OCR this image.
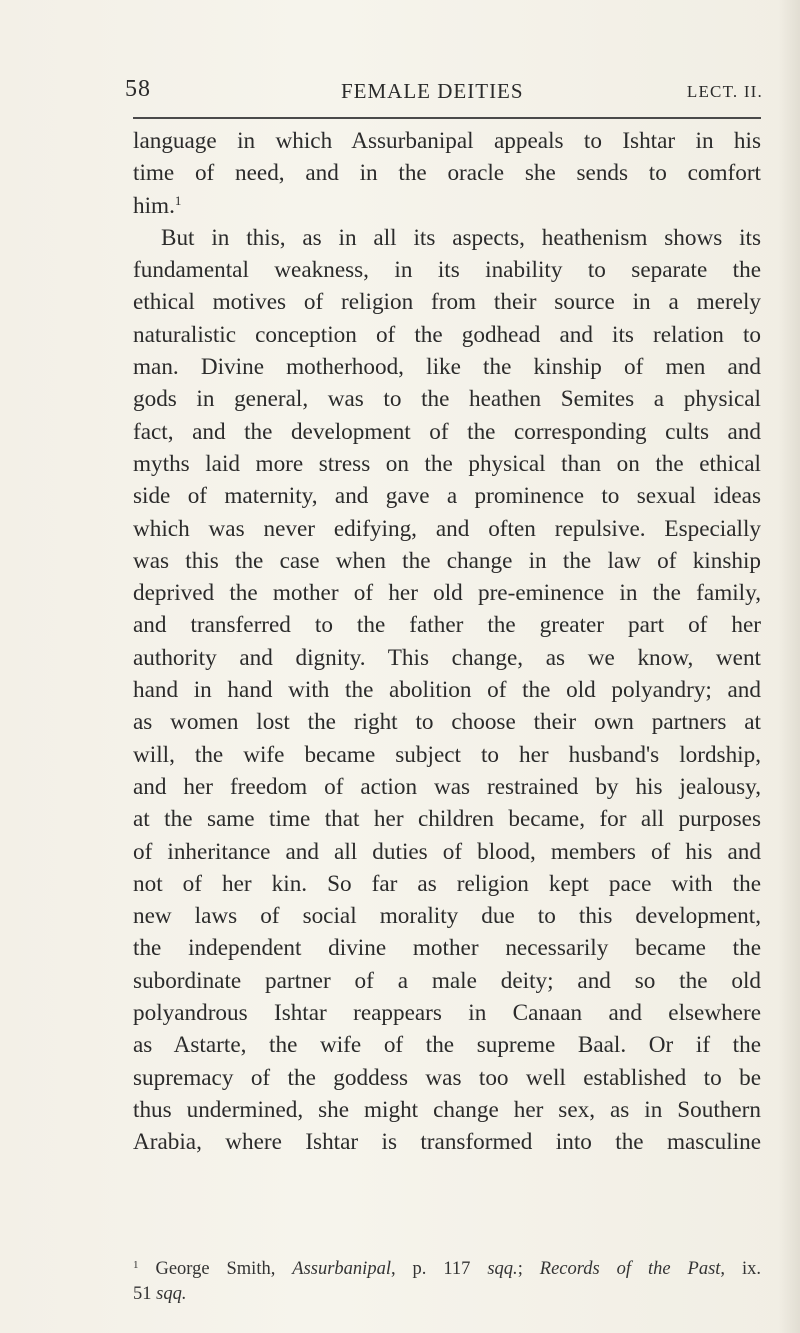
58	FEMALE DEITIES	LECT. II.
language in which Assurbanipal appeals to Ishtar in his
time of need, and in the oracle she sends to comfort
him.$^1$
But in this, as in all its aspects, heathenism shows its
fundamental weakness, in its inability to separate the
ethical motives of religion from their source in a merely
naturalistic conception of the godhead and its relation to
man. Divine motherhood, like the kinship of men and
gods in general, was to the heathen Semites a physical
fact, and the development of the corresponding cults and
myths laid more stress on the physical than on the ethical
side of maternity, and gave a prominence to sexual ideas
which was never edifying, and often repulsive. Especially
was this the case when the change in the law of kinship
deprived the mother of her old pre-eminence in the family,
and transferred to the father the greater part of her
authority and dignity. This change, as we know, went
hand in hand with the abolition of the old polyandry; and
as women lost the right to choose their own partners at
will, the wife became subject to her husband's lordship,
and her freedom of action was restrained by his jealousy,
at the same time that her children became, for all purposes
of inheritance and all duties of blood, members of his and
not of her kin. So far as religion kept pace with the
new laws of social morality due to this development,
the independent divine mother necessarily became the
subordinate partner of a male deity; and so the old
polyandrous Ishtar reappears in Canaan and elsewhere
as Astarte, the wife of the supreme Baal. Or if the
supremacy of the goddess was too well established to be
thus undermined, she might change her sex, as in Southern
Arabia, where Ishtar is transformed into the masculine
$^1$ George Smith, Assurbanipal, p. 117 sqq.; Records of the Past, ix.
51 sqq.
